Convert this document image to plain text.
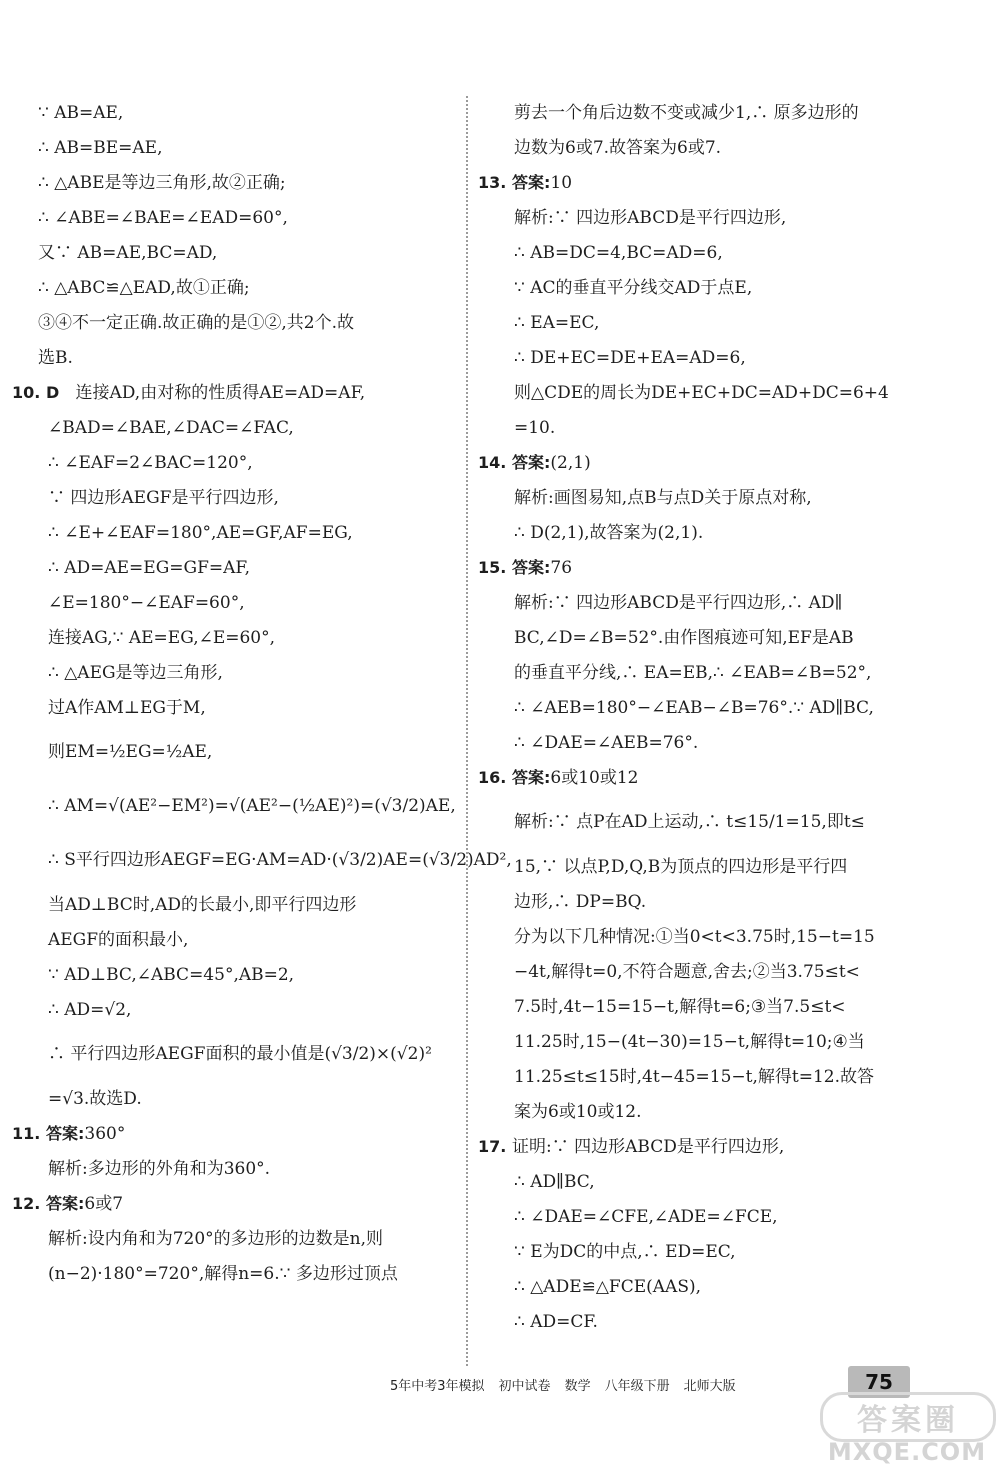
∵ AB=AE,
∴ AB=BE=AE,
∴ △ABE是等边三角形,故②正确;
∴ ∠ABE=∠BAE=∠EAD=60°,
又∵ AB=AE,BC=AD,
∴ △ABC≌△EAD,故①正确;
③④不一定正确.故正确的是①②,共2个.故
选B.
10. D 连接AD,由对称的性质得AE=AD=AF,
∠BAD=∠BAE,∠DAC=∠FAC,
∴ ∠EAF=2∠BAC=120°,
∵ 四边形AEGF是平行四边形,
∴ ∠E+∠EAF=180°,AE=GF,AF=EG,
∴ AD=AE=EG=GF=AF,
∠E=180°−∠EAF=60°,
连接AG,∵ AE=EG,∠E=60°,
∴ △AEG是等边三角形,
过A作AM⊥EG于M,
则EM=½EG=½AE,
∴ AM=√(AE²−EM²)=√(AE²−(½AE)²)=(√3/2)AE,
∴ S平行四边形AEGF=EG·AM=AD·(√3/2)AE=(√3/2)AD²,
当AD⊥BC时,AD的长最小,即平行四边形
AEGF的面积最小,
∵ AD⊥BC,∠ABC=45°,AB=2,
∴ AD=√2,
∴ 平行四边形AEGF面积的最小值是(√3/2)×(√2)²
=√3.故选D.
11. 答案:360°
解析:多边形的外角和为360°.
12. 答案:6或7
解析:设内角和为720°的多边形的边数是n,则
(n−2)·180°=720°,解得n=6.∵ 多边形过顶点
剪去一个角后边数不变或减少1,∴ 原多边形的
边数为6或7.故答案为6或7.
13. 答案:10
解析:∵ 四边形ABCD是平行四边形,
∴ AB=DC=4,BC=AD=6,
∵ AC的垂直平分线交AD于点E,
∴ EA=EC,
∴ DE+EC=DE+EA=AD=6,
则△CDE的周长为DE+EC+DC=AD+DC=6+4
=10.
14. 答案:(2,1)
解析:画图易知,点B与点D关于原点对称,
∴ D(2,1),故答案为(2,1).
15. 答案:76
解析:∵ 四边形ABCD是平行四边形,∴ AD∥
BC,∠D=∠B=52°.由作图痕迹可知,EF是AB
的垂直平分线,∴ EA=EB,∴ ∠EAB=∠B=52°,
∴ ∠AEB=180°−∠EAB−∠B=76°.∵ AD∥BC,
∴ ∠DAE=∠AEB=76°.
16. 答案:6或10或12
解析:∵ 点P在AD上运动,∴ t≤15/1=15,即t≤
15,∵ 以点P,D,Q,B为顶点的四边形是平行四
边形,∴ DP=BQ.
分为以下几种情况:①当0<t<3.75时,15−t=15
−4t,解得t=0,不符合题意,舍去;②当3.75≤t<
7.5时,4t−15=15−t,解得t=6;③当7.5≤t<
11.25时,15−(4t−30)=15−t,解得t=10;④当
11.25≤t≤15时,4t−45=15−t,解得t=12.故答
案为6或10或12.
17. 证明:∵ 四边形ABCD是平行四边形,
∴ AD∥BC,
∴ ∠DAE=∠CFE,∠ADE=∠FCE,
∵ E为DC的中点,∴ ED=EC,
∴ △ADE≌△FCE(AAS),
∴ AD=CF.
5年中考3年模拟 初中试卷 数学 八年级下册 北师大版	75
答案圈
MXQE.COM
